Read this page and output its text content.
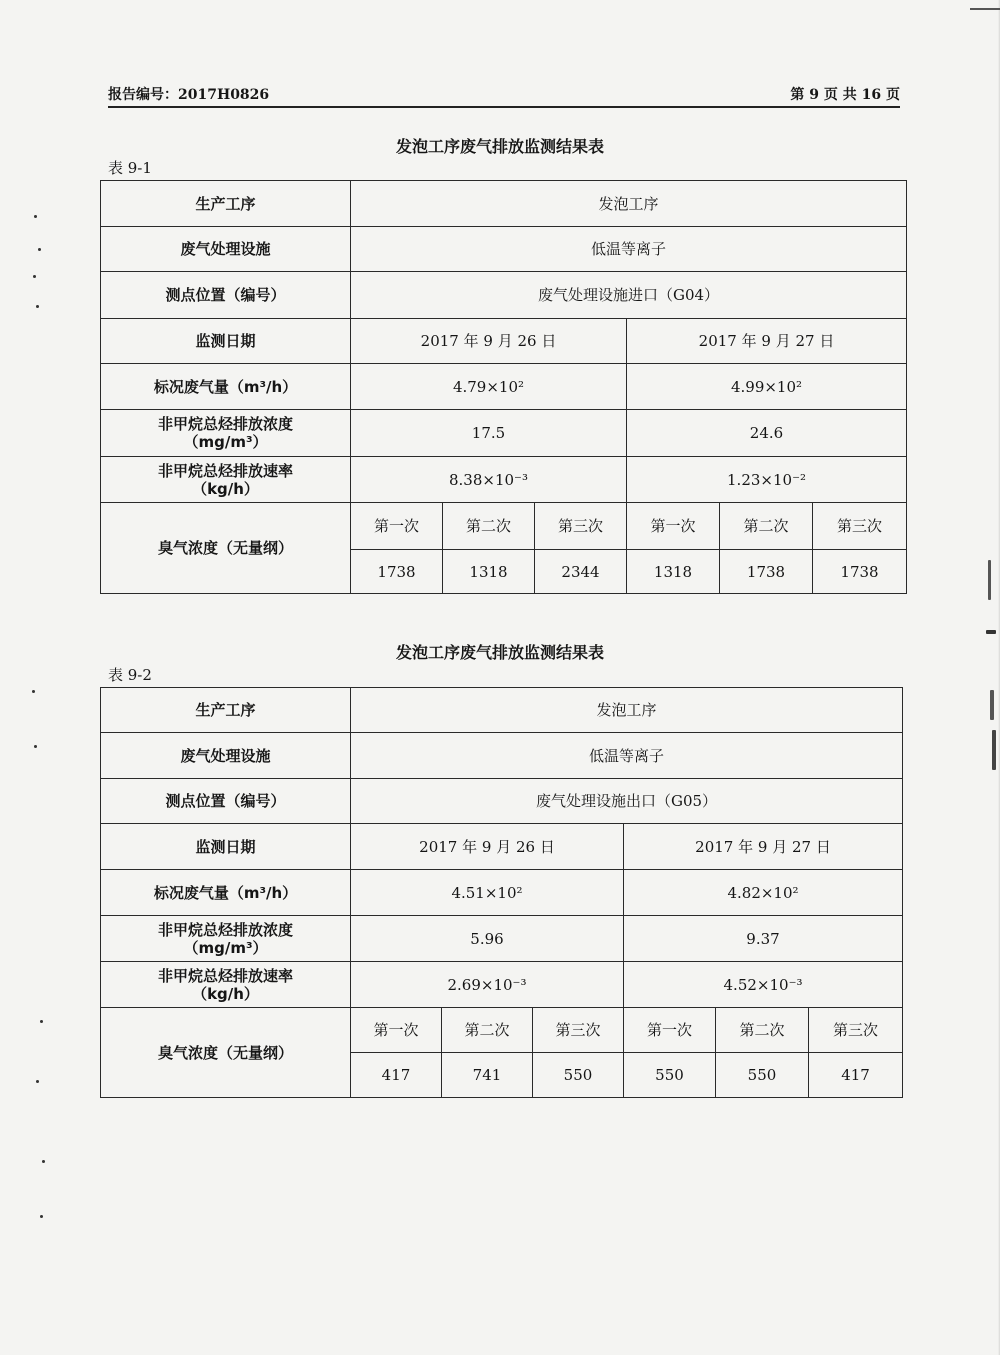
报告编号：2017H0826	第 9 页 共 16 页
发泡工序废气排放监测结果表
表 9-1
生产工序	发泡工序					
废气处理设施	低温等离子					
测点位置（编号）	废气处理设施进口（G04）					
监测日期	2017 年 9 月 26 日			2017 年 9 月 27 日		
标况废气量（m³/h）	4.79×10²			4.99×10²		

非甲烷总烃排放浓度
（mg/m³）	17.5			24.6		

非甲烷总烃排放速率
（kg/h）	8.38×10⁻³			1.23×10⁻²		
臭气浓度（无量纲）	第一次	第二次	第三次	第一次	第二次	第三次
	1738	1318	2344	1318	1738	1738
发泡工序废气排放监测结果表
表 9-2
生产工序	发泡工序					
废气处理设施	低温等离子					
测点位置（编号）	废气处理设施出口（G05）					
监测日期	2017 年 9 月 26 日			2017 年 9 月 27 日		
标况废气量（m³/h）	4.51×10²			4.82×10²		

非甲烷总烃排放浓度
（mg/m³）	5.96			9.37		

非甲烷总烃排放速率
（kg/h）	2.69×10⁻³			4.52×10⁻³		
臭气浓度（无量纲）	第一次	第二次	第三次	第一次	第二次	第三次
	417	741	550	550	550	417
